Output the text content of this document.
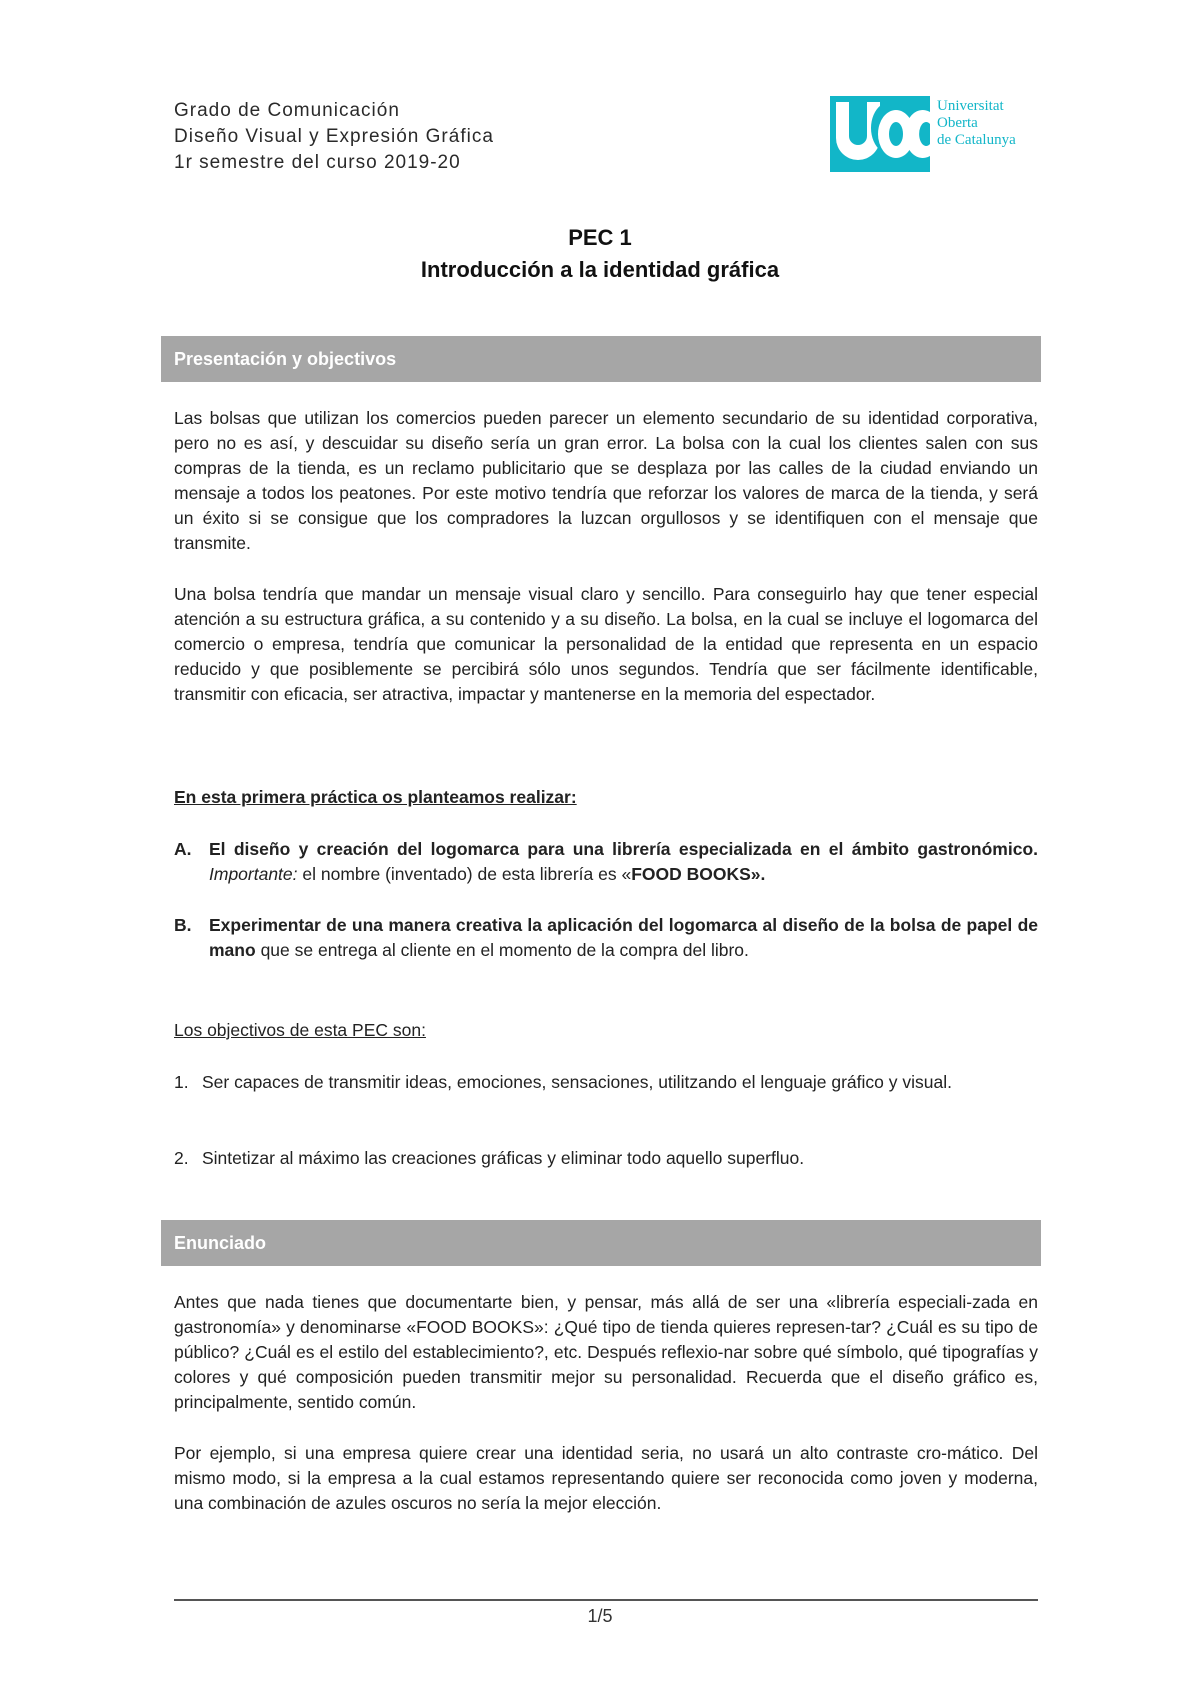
Grado de Comunicación
Diseño Visual y Expresión Gráfica
1r semestre del curso 2019-20
Universitat
Oberta
de Catalunya
PEC 1
Introducción a la identidad gráfica
Presentación y objectivos
Las bolsas que utilizan los comercios pueden parecer un elemento secundario de su identidad corporativa, pero no es así, y descuidar su diseño sería un gran error. La bolsa con la cual los clientes salen con sus compras de la tienda, es un reclamo publicitario que se desplaza por las calles de la ciudad enviando un mensaje a todos los peatones. Por este motivo tendría que reforzar los valores de marca de la tienda, y será un éxito si se consigue que los compradores la luzcan orgullosos y se identifiquen con el mensaje que transmite.
Una bolsa tendría que mandar un mensaje visual claro y sencillo. Para conseguirlo hay que tener especial atención a su estructura gráfica, a su contenido y a su diseño. La bolsa, en la cual se incluye el logomarca del comercio o empresa, tendría que comunicar la personalidad de la entidad que representa en un espacio reducido y que posiblemente se percibirá sólo unos segundos. Tendría que ser fácilmente identificable, transmitir con eficacia, ser atractiva, impactar y mantenerse en la memoria del espectador.
En esta primera práctica os planteamos realizar:
A. El diseño y creación del logomarca para una librería especializada en el ámbito gastronómico. Importante: el nombre (inventado) de esta librería es «FOOD BOOKS».
B. Experimentar de una manera creativa la aplicación del logomarca al diseño de la bolsa de papel de mano que se entrega al cliente en el momento de la compra del libro.
Los objectivos de esta PEC son:
1. Ser capaces de transmitir ideas, emociones, sensaciones, utilitzando el lenguaje gráfico y visual.
2. Sintetizar al máximo las creaciones gráficas y eliminar todo aquello superfluo.
Enunciado
Antes que nada tienes que documentarte bien, y pensar, más allá de ser una «librería especiali-zada en gastronomía» y denominarse «FOOD BOOKS»: ¿Qué tipo de tienda quieres represen-tar? ¿Cuál es su tipo de público? ¿Cuál es el estilo del establecimiento?, etc. Después reflexio-nar sobre qué símbolo, qué tipografías y colores y qué composición pueden transmitir mejor su personalidad. Recuerda que el diseño gráfico es, principalmente, sentido común.
Por ejemplo, si una empresa quiere crear una identidad seria, no usará un alto contraste cro-mático. Del mismo modo, si la empresa a la cual estamos representando quiere ser reconocida como joven y moderna, una combinación de azules oscuros no sería la mejor elección.
1/5
